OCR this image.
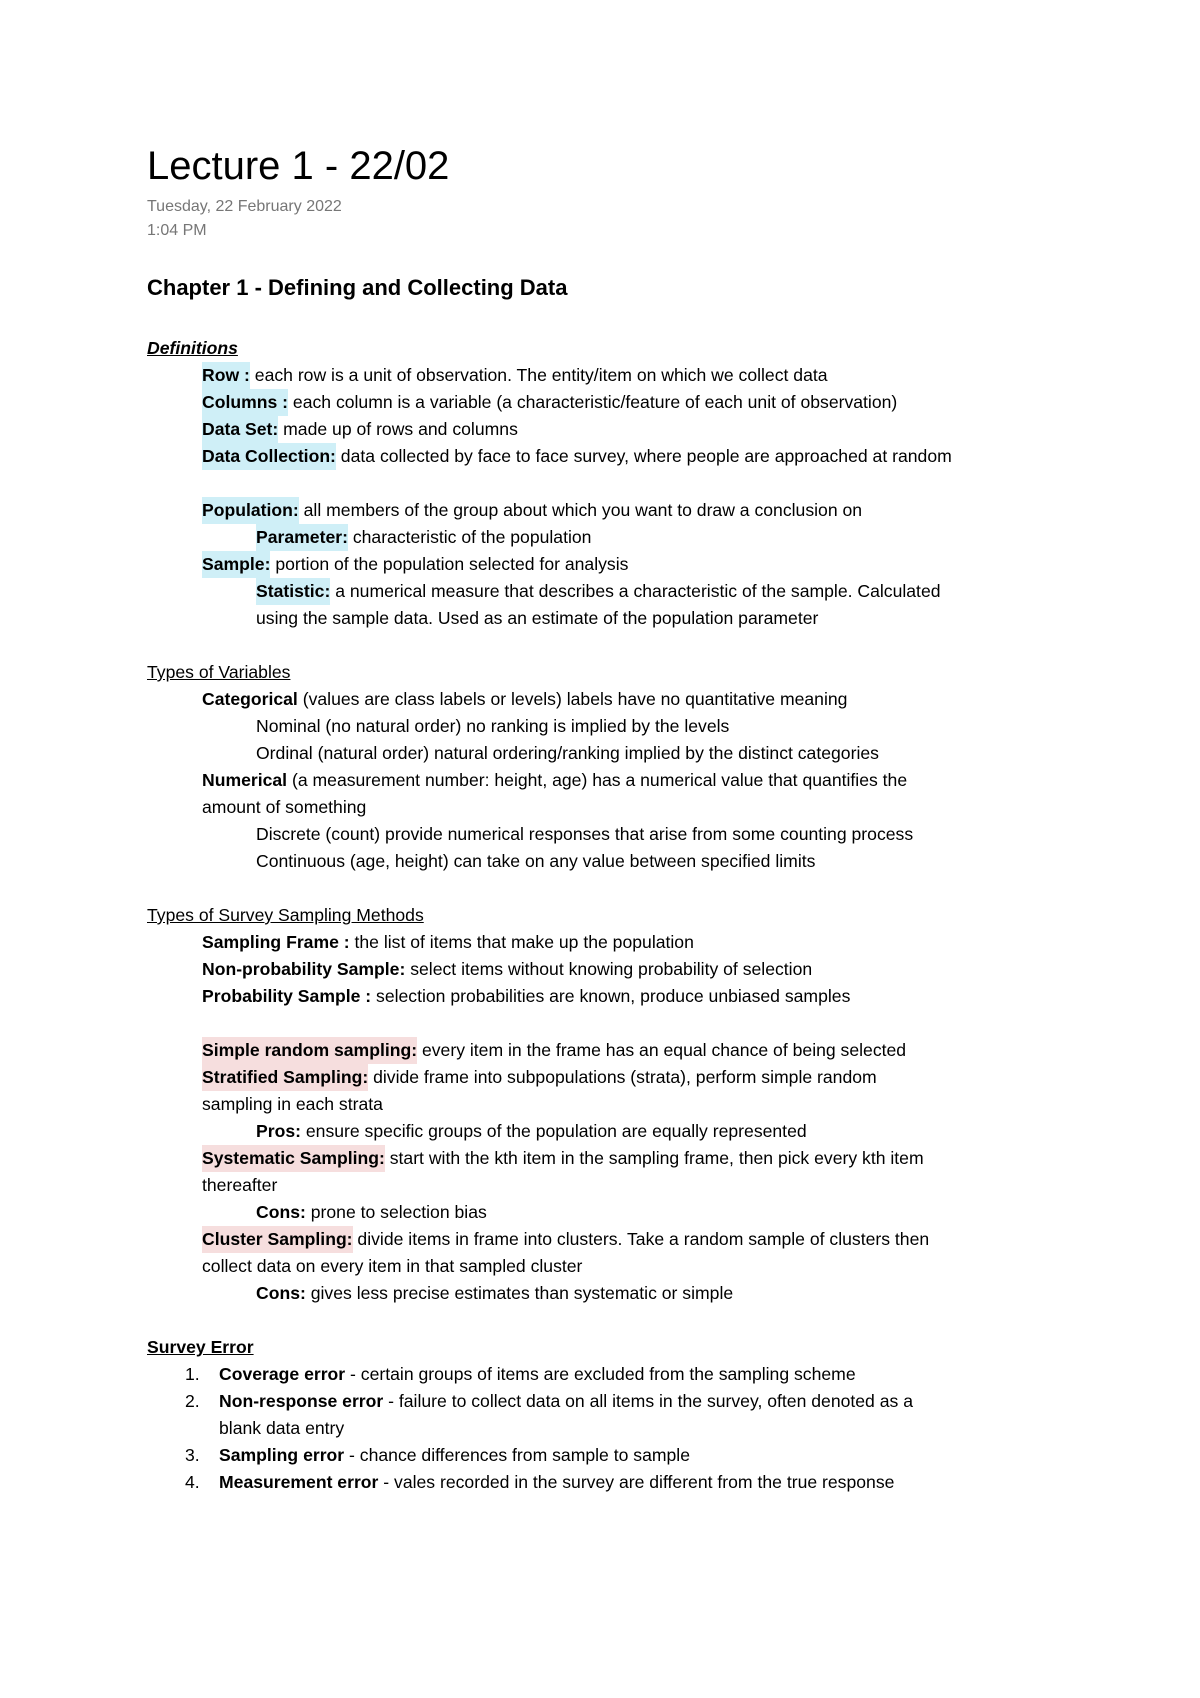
Lecture 1 - 22/02
Tuesday, 22 February 2022
1:04 PM
Chapter 1 - Defining and Collecting Data
Definitions
Row : each row is a unit of observation. The entity/item on which we collect data
Columns : each column is a variable (a characteristic/feature of each unit of observation)
Data Set: made up of rows and columns
Data Collection: data collected by face to face survey, where people are approached at random
Population: all members of the group about which you want to draw a conclusion on
Parameter: characteristic of the population
Sample: portion of the population selected for analysis
Statistic: a numerical measure that describes a characteristic of the sample. Calculated
using the sample data. Used as an estimate of the population parameter
Types of Variables
Categorical (values are class labels or levels) labels have no quantitative meaning
Nominal (no natural order) no ranking is implied by the levels
Ordinal (natural order) natural ordering/ranking implied by the distinct categories
Numerical (a measurement number: height, age) has a numerical value that quantifies the
amount of something
Discrete (count) provide numerical responses that arise from some counting process
Continuous (age, height) can take on any value between specified limits
Types of Survey Sampling Methods
Sampling Frame : the list of items that make up the population
Non-probability Sample: select items without knowing probability of selection
Probability Sample : selection probabilities are known, produce unbiased samples
Simple random sampling: every item in the frame has an equal chance of being selected
Stratified Sampling: divide frame into subpopulations (strata), perform simple random
sampling in each strata
Pros: ensure specific groups of the population are equally represented
Systematic Sampling: start with the kth item in the sampling frame, then pick every kth item
thereafter
Cons: prone to selection bias
Cluster Sampling: divide items in frame into clusters. Take a random sample of clusters then
collect data on every item in that sampled cluster
Cons: gives less precise estimates than systematic or simple
Survey Error
1. Coverage error - certain groups of items are excluded from the sampling scheme
2. Non-response error - failure to collect data on all items in the survey, often denoted as a
blank data entry
3. Sampling error - chance differences from sample to sample
4. Measurement error - vales recorded in the survey are different from the true response
